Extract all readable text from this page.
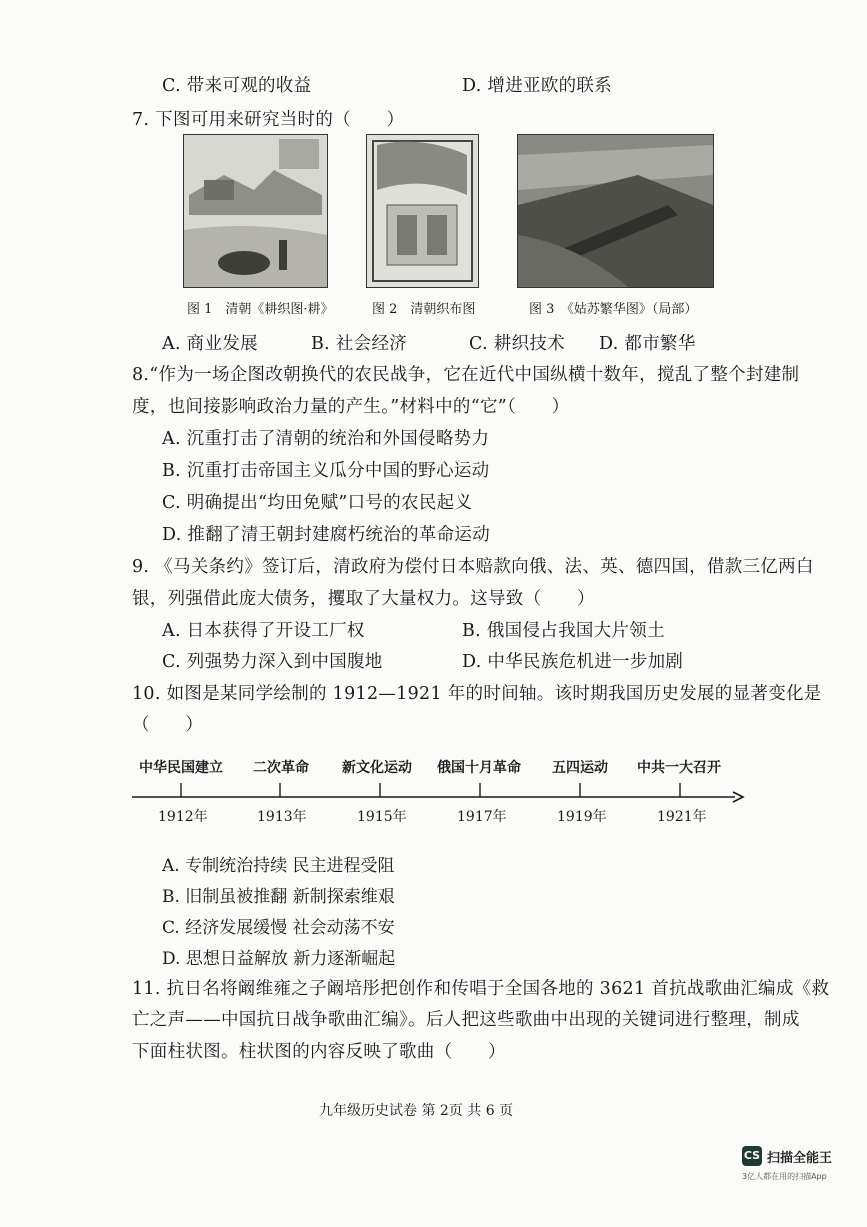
C. 带来可观的收益	D. 增进亚欧的联系
7. 下图可用来研究当时的（　　）
图 1　清朝《耕织图·耕》	图 2　清朝织布图	图 3　《姑苏繁华图》（局部）
A. 商业发展	B. 社会经济	C. 耕织技术 D. 都市繁华
8.“作为一场企图改朝换代的农民战争，它在近代中国纵横十数年，搅乱了整个封建制
度，也间接影响政治力量的产生。”材料中的“它”（　　）
A. 沉重打击了清朝的统治和外国侵略势力
B. 沉重打击帝国主义瓜分中国的野心运动
C. 明确提出“均田免赋”口号的农民起义
D. 推翻了清王朝封建腐朽统治的革命运动
9. 《马关条约》签订后，清政府为偿付日本赔款向俄、法、英、德四国，借款三亿两白
银，列强借此庞大债务，攫取了大量权力。这导致（　　）
A. 日本获得了开设工厂权	B. 俄国侵占我国大片领土
C. 列强势力深入到中国腹地	D. 中华民族危机进一步加剧
10. 如图是某同学绘制的 1912—1921 年的时间轴。该时期我国历史发展的显著变化是
（　　）
中华民国建立 二次革命 新文化运动 俄国十月革命 五四运动 中共一大召开
1912年	1913年	1915年	1917年	1919年	1921年
A. 专制统治持续 民主进程受阻
B. 旧制虽被推翻 新制探索维艰
C. 经济发展缓慢 社会动荡不安
D. 思想日益解放 新力逐渐崛起
11. 抗日名将阚维雍之子阚培彤把创作和传唱于全国各地的 3621 首抗战歌曲汇编成《救
亡之声——中国抗日战争歌曲汇编》。后人把这些歌曲中出现的关键词进行整理，制成
下面柱状图。柱状图的内容反映了歌曲（　　）
九年级历史试卷 第 2页 共 6 页
CS 扫描全能王
3亿人都在用的扫描App
